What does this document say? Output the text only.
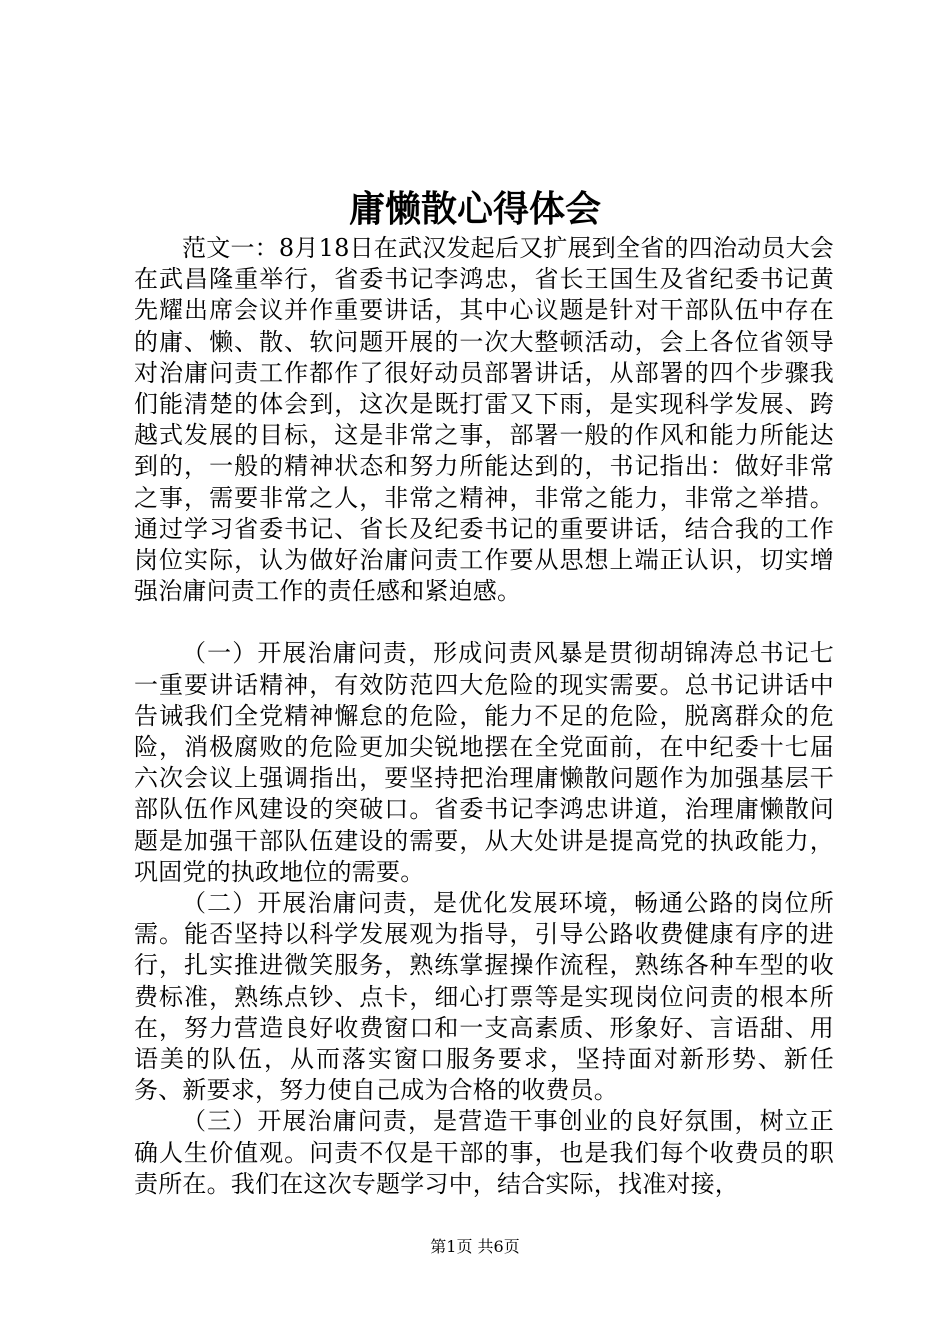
庸懒散心得体会

范文一：8月18日在武汉发起后又扩展到全省的四治动员大会在武昌隆重举行，省委书记李鸿忠，省长王国生及省纪委书记黄先耀出席会议并作重要讲话，其中心议题是针对干部队伍中存在的庸、懒、散、软问题开展的一次大整顿活动，会上各位省领导对治庸问责工作都作了很好动员部署讲话，从部署的四个步骤我们能清楚的体会到，这次是既打雷又下雨，是实现科学发展、跨越式发展的目标，这是非常之事，部署一般的作风和能力所能达到的，一般的精神状态和努力所能达到的，书记指出：做好非常之事，需要非常之人，非常之精神，非常之能力，非常之举措。通过学习省委书记、省长及纪委书记的重要讲话，结合我的工作岗位实际，认为做好治庸问责工作要从思想上端正认识，切实增强治庸问责工作的责任感和紧迫感。

（一）开展治庸问责，形成问责风暴是贯彻胡锦涛总书记七一重要讲话精神，有效防范四大危险的现实需要。总书记讲话中告诫我们全党精神懈怠的危险，能力不足的危险，脱离群众的危险，消极腐败的危险更加尖锐地摆在全党面前，在中纪委十七届六次会议上强调指出，要坚持把治理庸懒散问题作为加强基层干部队伍作风建设的突破口。省委书记李鸿忠讲道，治理庸懒散问题是加强干部队伍建设的需要，从大处讲是提高党的执政能力，巩固党的执政地位的需要。

（二）开展治庸问责，是优化发展环境，畅通公路的岗位所需。能否坚持以科学发展观为指导，引导公路收费健康有序的进行，扎实推进微笑服务，熟练掌握操作流程，熟练各种车型的收费标准，熟练点钞、点卡，细心打票等是实现岗位问责的根本所在，努力营造良好收费窗口和一支高素质、形象好、言语甜、用语美的队伍，从而落实窗口服务要求，坚持面对新形势、新任务、新要求，努力使自己成为合格的收费员。

（三）开展治庸问责，是营造干事创业的良好氛围，树立正确人生价值观。问责不仅是干部的事，也是我们每个收费员的职责所在。我们在这次专题学习中，结合实际，找准对接，

第1页 共6页
